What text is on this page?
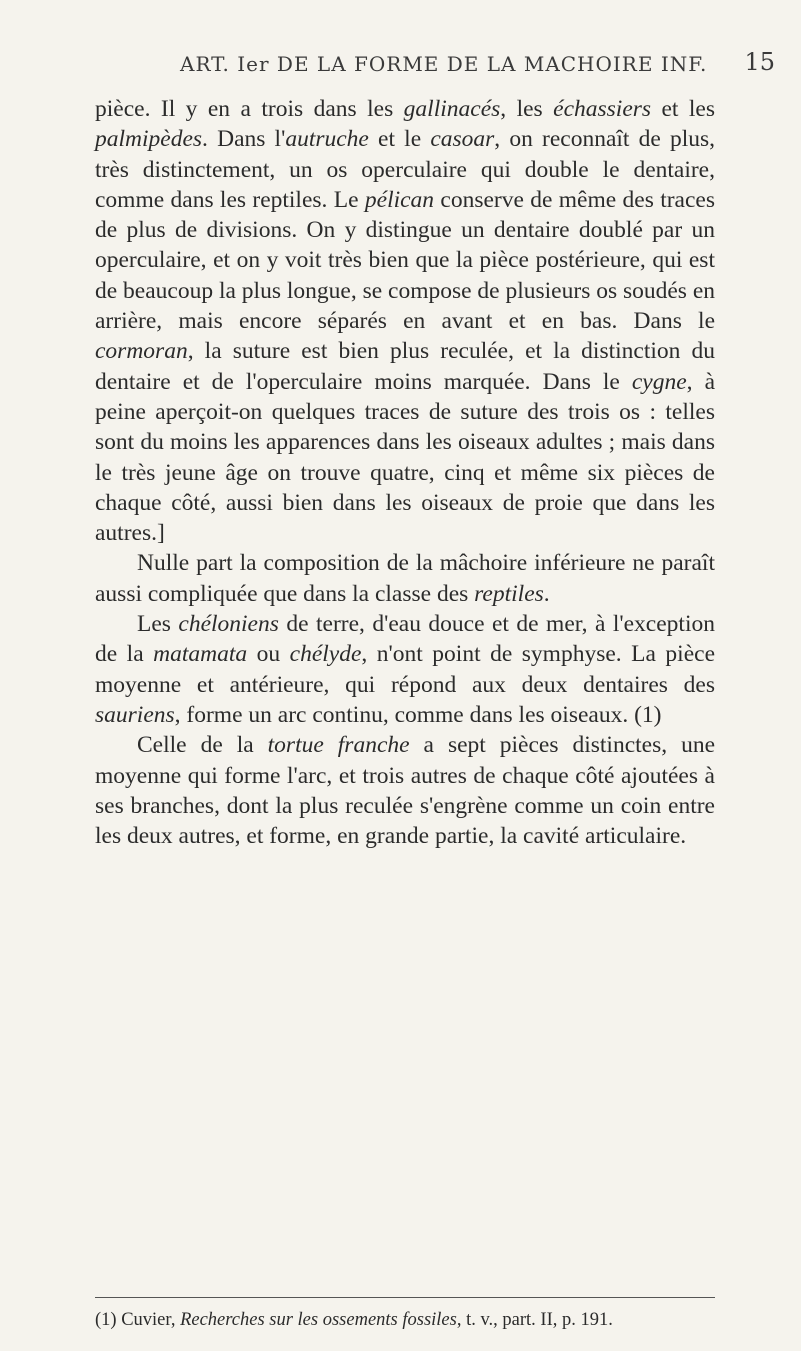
ART. Ier DE LA FORME DE LA MACHOIRE INF. 15

pièce. Il y en a trois dans les gallinacés, les échassiers et les palmipèdes. Dans l'autruche et le casoar, on reconnaît de plus, très distinctement, un os operculaire qui double le dentaire, comme dans les reptiles. Le pélican conserve de même des traces de plus de divisions. On y distingue un dentaire doublé par un operculaire, et on y voit très bien que la pièce postérieure, qui est de beaucoup la plus longue, se compose de plusieurs os soudés en arrière, mais encore séparés en avant et en bas. Dans le cormoran, la suture est bien plus reculée, et la distinction du dentaire et de l'operculaire moins marquée. Dans le cygne, à peine aperçoit-on quelques traces de suture des trois os : telles sont du moins les apparences dans les oiseaux adultes ; mais dans le très jeune âge on trouve quatre, cinq et même six pièces de chaque côté, aussi bien dans les oiseaux de proie que dans les autres.]

Nulle part la composition de la mâchoire inférieure ne paraît aussi compliquée que dans la classe des reptiles.

Les chéloniens de terre, d'eau douce et de mer, à l'exception de la matamata ou chélyde, n'ont point de symphyse. La pièce moyenne et antérieure, qui répond aux deux dentaires des sauriens, forme un arc continu, comme dans les oiseaux. (1)

Celle de la tortue franche a sept pièces distinctes, une moyenne qui forme l'arc, et trois autres de chaque côté ajoutées à ses branches, dont la plus reculée s'engrène comme un coin entre les deux autres, et forme, en grande partie, la cavité articulaire.

(1) Cuvier, Recherches sur les ossements fossiles, t. v., part. II, p. 191.
